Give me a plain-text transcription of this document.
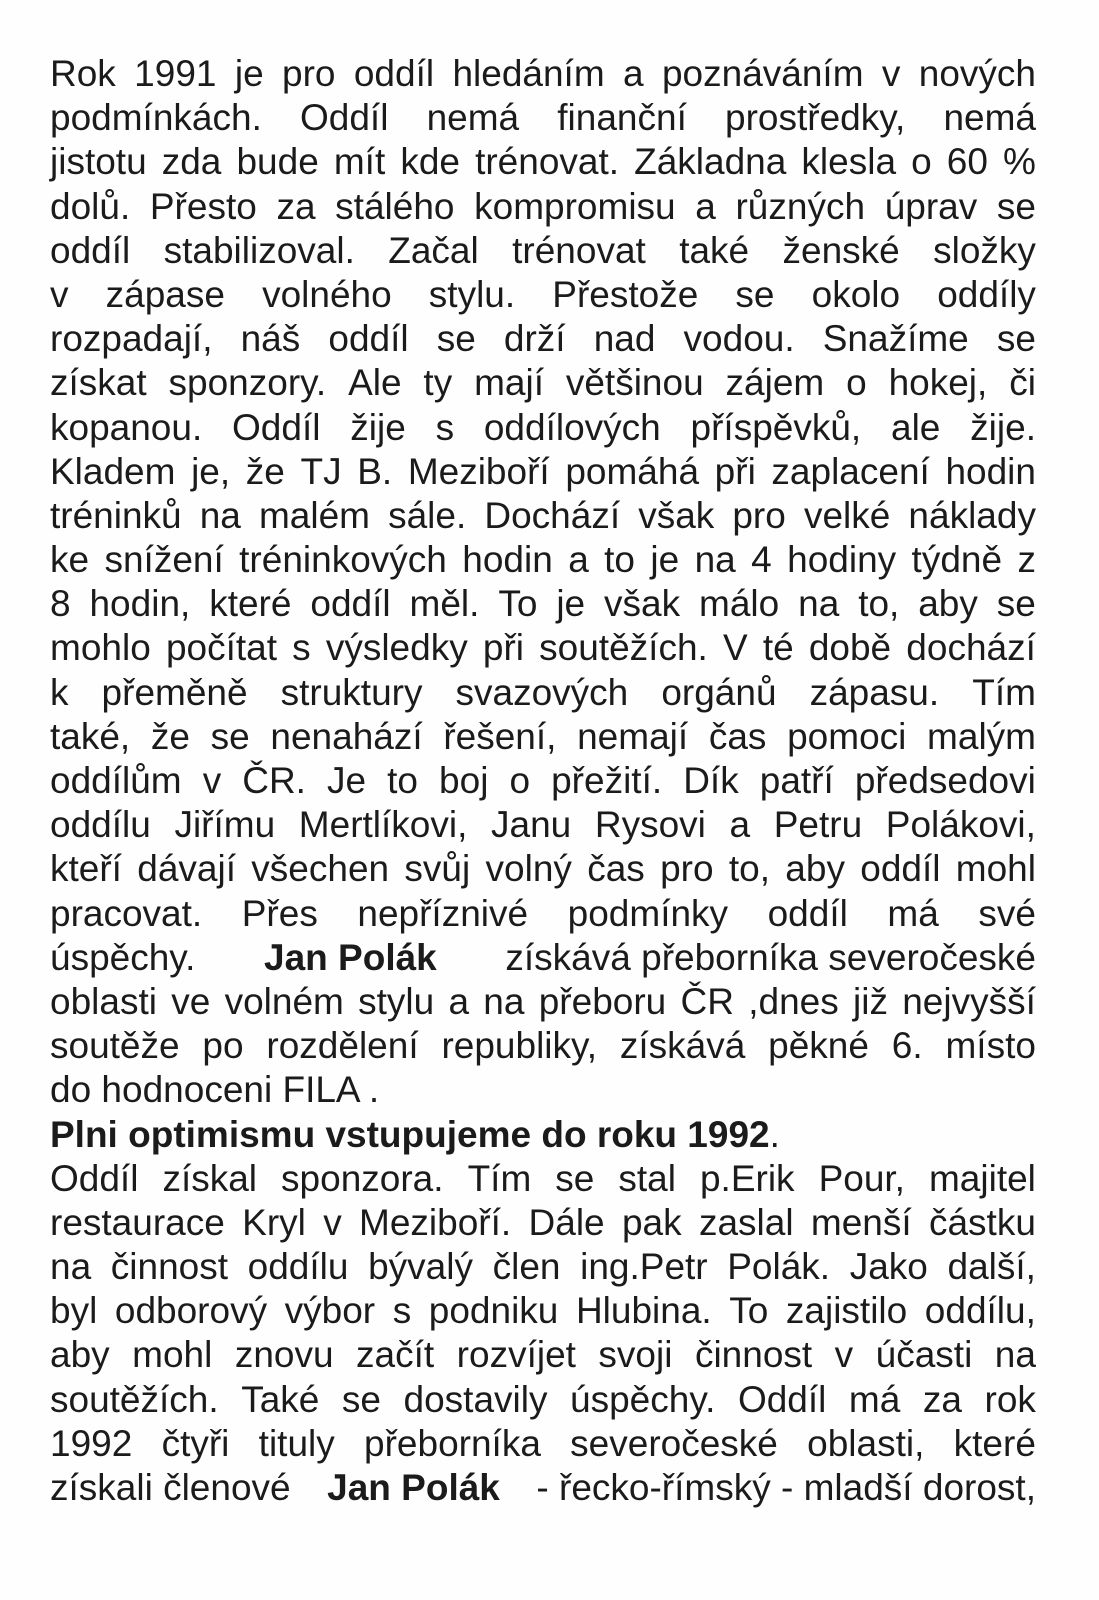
Rok 1991 je pro oddíl hledáním a poznáváním v nových
podmínkách. Oddíl nemá finanční prostředky, nemá
jistotu zda bude mít kde trénovat. Základna klesla o 60 %
dolů. Přesto za stálého kompromisu a různých úprav se
oddíl stabilizoval. Začal trénovat také ženské složky
v zápase volného stylu. Přestože se okolo oddíly
rozpadají, náš oddíl se drží nad vodou. Snažíme se
získat sponzory. Ale ty mají většinou zájem o hokej, či
kopanou. Oddíl žije s oddílových příspěvků, ale žije.
Kladem je, že TJ B. Meziboří pomáhá při zaplacení hodin
tréninků na malém sále. Dochází však pro velké náklady
ke snížení tréninkových hodin a to je na 4 hodiny týdně z
8 hodin, které oddíl měl. To je však málo na to, aby se
mohlo počítat s výsledky při soutěžích. V té době dochází
k přeměně struktury svazových orgánů zápasu. Tím
také, že se nenahází řešení, nemají čas pomoci malým
oddílům v ČR. Je to boj o přežití. Dík patří předsedovi
oddílu Jiřímu Mertlíkovi, Janu Rysovi a Petru Polákovi,
kteří dávají všechen svůj volný čas pro to, aby oddíl mohl
pracovat. Přes nepříznivé podmínky oddíl má své
úspěchy. Jan Polák získává přeborníka severočeské
oblasti ve volném stylu a na přeboru ČR ,dnes již nejvyšší
soutěže po rozdělení republiky, získává pěkné 6. místo
do hodnoceni FILA .
Plni optimismu vstupujeme do roku 1992 .
Oddíl získal sponzora. Tím se stal p.Erik Pour, majitel
restaurace Kryl v Meziboří. Dále pak zaslal menší částku
na činnost oddílu bývalý člen ing.Petr Polák. Jako další,
byl odborový výbor s podniku Hlubina. To zajistilo oddílu,
aby mohl znovu začít rozvíjet svoji činnost v účasti na
soutěžích. Také se dostavily úspěchy. Oddíl má za rok
1992 čtyři tituly přeborníka severočeské oblasti, které
získali členové Jan Polák - řecko-římský - mladší dorost,
